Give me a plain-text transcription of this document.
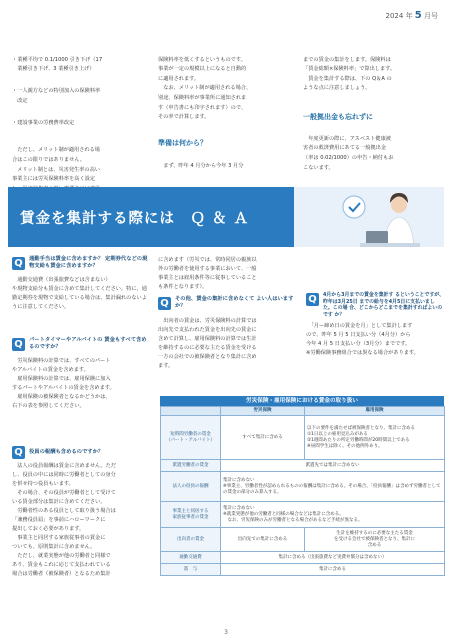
2024 年 5 月号

・業種平均で 0.1/1000 引き下げ（17
　業種引き下げ、3 業種引き上げ）

・一人親方などの特別加入の保険料率
　改定

・建設事業の労務費率改定

　ただし、メリット制が適用される場
合はこの限りではありません。
　メリット制とは、災害発生率の高い
事業主には労災保険料率を高く設定

保険料率を低くするというものです。
事業が一定の規模以上になると自動的
に適用されます。
　なお、メリット制が適用される場合、
別途、保険料率が事業所に通知されま
す（申告書にも印字されます）ので、
その率で計算します。

準備は何から？

　まず、昨年 4 月分から今年 3 月分

までの賃金の集計をします。保険料は
「賃金総額×保険料率」で算出します。
　賃金を集計する際は、下の Q＆A の
ような点に注意しましょう。

一般拠出金も忘れずに

　年度更新の際に、アスベスト健康被
害者の救済費用にあてる一般拠出金
（率は 0.02/1000）の申告・納付もお
こないます。

賃金を集計する際には　Ｑ ＆ Ａ
Q	通勤手当は賃金に含めますか？ 定期券代などの現物支給も賃金に含めますか？
　通勤交通費（出張旅費などは含まない）
や現物支給分も賃金に含めて集計してください。特に、通勤定期券を現物で支給している場合は、集計漏れのないように注意してください。
Q	パートタイマーやアルバイトの 賃金もすべて含めるのですか？
　労災保険料の計算では、すべてのパート
やアルバイトの賃金を含めます。
　雇用保険料の計算では、雇用保険に加入
するパートやアルバイトの賃金を含めます。
　雇用保険の被保険者となるかどうかは、
右下の表を参照してください。
Q	役員の報酬も含めるのですか？
　法人の役員報酬は賃金に含めません。ただ
し、役員の中には同時に労働者としての身分
を併せ持つ役員もいます。
　その場合、その役員が労働者として受けて
いる賃金部分は集計に含めてください。
　労働者性のある役員として取り扱う場合は
「兼務役員届」を事前にハローワークに
提出しておく必要があります。
　事業主と同居する家族従事者の賃金に
ついても、原則集計に含めません。
　ただし、就業実態が他の労働者と同様で
あり、賃金もこれに応じて支払われている
場合は労働者（被保険者）となるため集計
に含めます（労災では、常時同居の親族以
外の労働者を使用する事業において、一般
事業主とは雇用条件等に従事していること
も条件となります）。
Q	その他、賃金の集計に含めなくて よい人はいますか？
　出向者の賃金は、労災保険料の計算では
出向先で支払われた賃金を出向先の賃金に
含めて計算し、雇用保険料の計算では生計
を維持するのに必要な主たる賃金を受ける
一方の会社での被保険者となり集計に含め
ます。
Q	4月から3月までの賃金を集計す るということですが、昨年は3月25日 までの給与を4月5日に支払いました。この場 合、どこからどこまでを集計すればよいのです か？
　「月ー締め日の賃金を月」として集計します
ので、昨年 5 月 5 日支払い分（4月分）から
今年 4 月 5 日支払い分（3月分）までです。
※労働保険事務組合では異なる場合があります。
労災保険・雇用保険における賃金の取り扱い
	労災保険	雇用保険
短時間労働者の賃金
（パート・アルバイト）	すべて集計に含める	以下の要件を満たせば被保険者となり、集計に含める
①1日以上の雇用見込みがある
②1週間あたりの所定労働時間が20時間以上である
※昼間学生は除く。その他例外あり。
派遣労働者の賃金	派遣先では集計に含めない	
法人の役員の報酬	集計に含めない
※事業主、労働者性が認められるものの報酬は集計に含める。その場合、「役員報酬」は含めず労働者としての賃金の部分のみ算入する。	
事業主と同居する
家族従事者の賃金	集計に含めない
※就業実態が他の労働者と同様の場合などは集計に含める。
　なお、労災保険のみが労働者となる場合があるなど手続が異なる。	
出向者の賃金	出向先での集計に含める	生計を維持するのに必要な主たる賃金
を受ける会社で被保険者となり、集計に
含める
通勤交通費	集計に含める（出張旅費など実費弁償分は含めない）	
賞　与	集計に含める	
3
